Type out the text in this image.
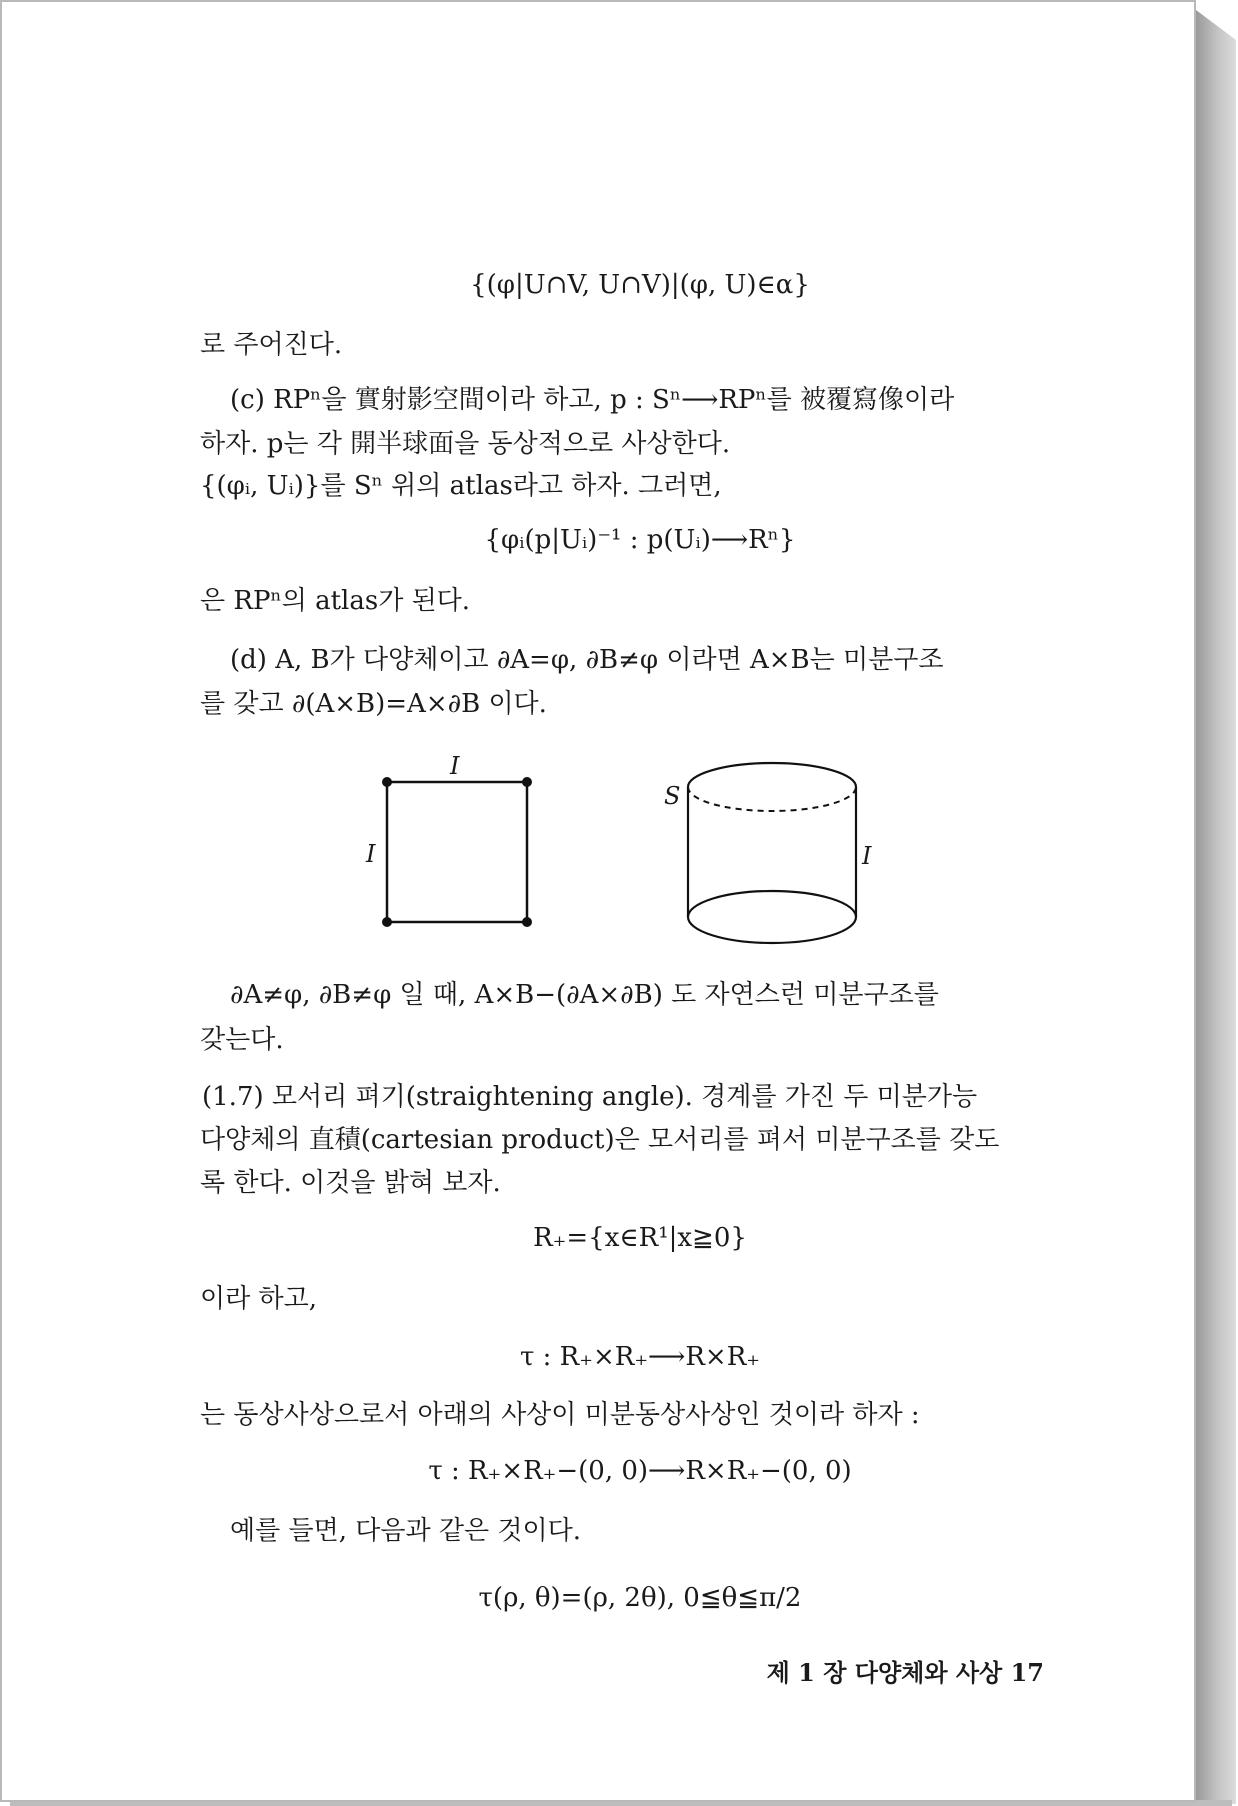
{(φ|U∩V, U∩V)|(φ, U)∈α}
로 주어진다.
(c) RPⁿ을 實射影空間이라 하고, p : Sⁿ⟶RPⁿ를 被覆寫像이라
하자. p는 각 開半球面을 동상적으로 사상한다.
{(φᵢ, Uᵢ)}를 Sⁿ 위의 atlas라고 하자. 그러면,
{φᵢ(p|Uᵢ)⁻¹ : p(Uᵢ)⟶Rⁿ}
은 RPⁿ의 atlas가 된다.
(d) A, B가 다양체이고 ∂A=φ, ∂B≠φ 이라면 A×B는 미분구조
를 갖고 ∂(A×B)=A×∂B 이다.
I
I
S
I
∂A≠φ, ∂B≠φ 일 때, A×B−(∂A×∂B) 도 자연스런 미분구조를
갖는다.
(1.7) 모서리 펴기(straightening angle). 경계를 가진 두 미분가능
다양체의 直積(cartesian product)은 모서리를 펴서 미분구조를 갖도
록 한다. 이것을 밝혀 보자.
R₊={x∈R¹|x≧0}
이라 하고,
τ : R₊×R₊⟶R×R₊
는 동상사상으로서 아래의 사상이 미분동상사상인 것이라 하자 :
τ : R₊×R₊−(0, 0)⟶R×R₊−(0, 0)
예를 들면, 다음과 같은 것이다.
τ(ρ, θ)=(ρ, 2θ), 0≦θ≦π/2
제 1 장 다양체와 사상 17
